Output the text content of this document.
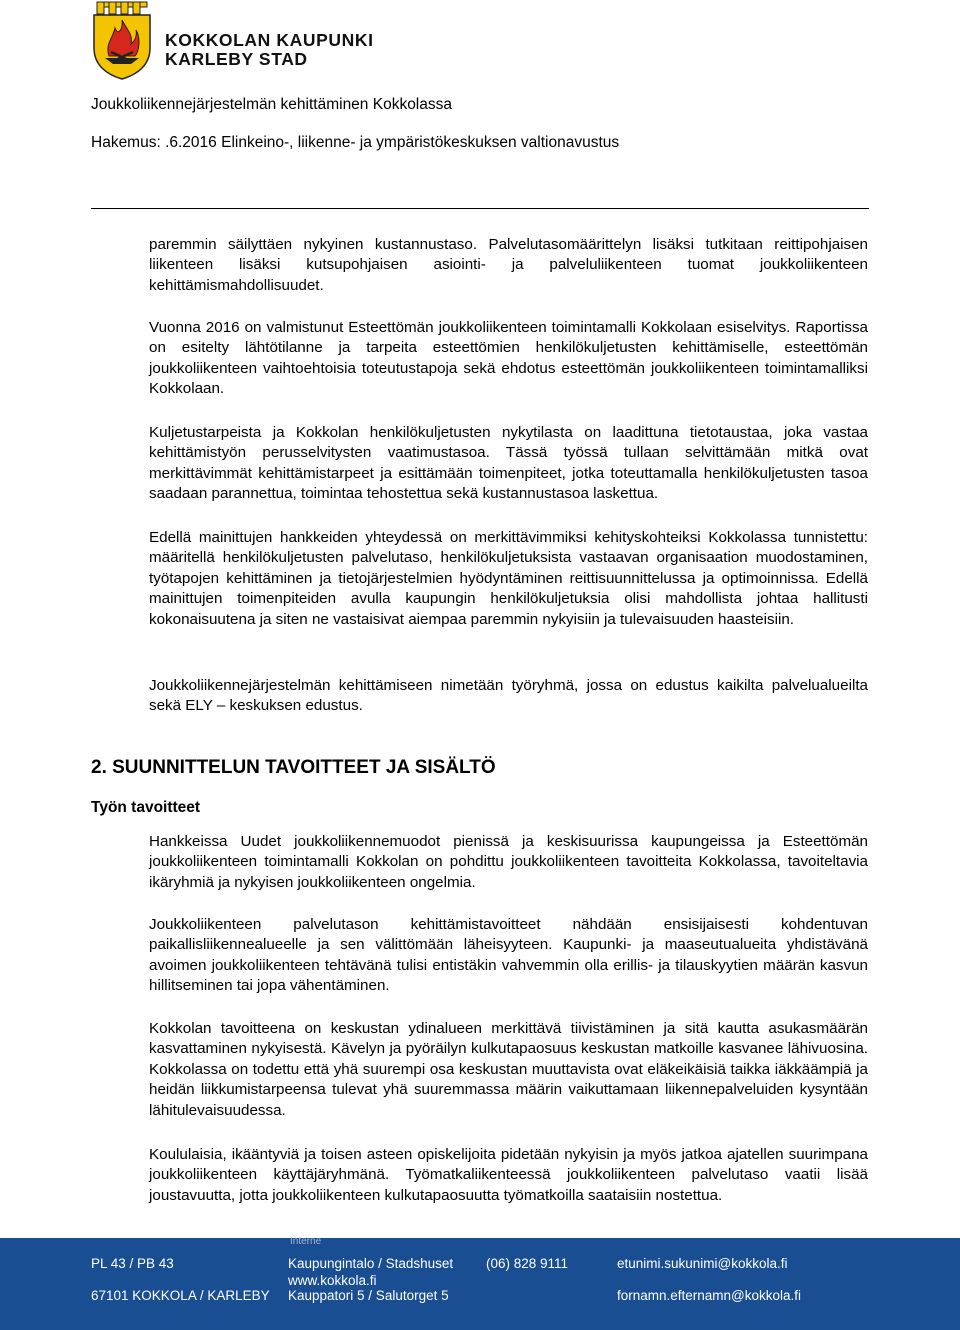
KOKKOLAN KAUPUNKI
KARLEBY STAD
Joukkoliikennejärjestelmän kehittäminen Kokkolassa
Hakemus: .6.2016 Elinkeino-, liikenne- ja ympäristökeskuksen valtionavustus

paremmin säilyttäen nykyinen kustannustaso. Palvelutasomäärittelyn lisäksi tutkitaan reittipohjaisen liikenteen lisäksi kutsupohjaisen asiointi- ja palveluliikenteen tuomat joukkoliikenteen kehittämismahdollisuudet.

Vuonna 2016 on valmistunut Esteettömän joukkoliikenteen toimintamalli Kokkolaan esiselvitys. Raportissa on esitelty lähtötilanne ja tarpeita esteettömien henkilökuljetusten kehittämiselle, esteettömän joukkoliikenteen vaihtoehtoisia toteutustapoja sekä ehdotus esteettömän joukkoliikenteen toimintamalliksi Kokkolaan.

Kuljetustarpeista ja Kokkolan henkilökuljetusten nykytilasta on laadittuna tietotaustaa, joka vastaa kehittämistyön perusselvitysten vaatimustasoa. Tässä työssä tullaan selvittämään mitkä ovat merkittävimmät kehittämistarpeet ja esittämään toimenpiteet, jotka toteuttamalla henkilökuljetusten tasoa saadaan parannettua, toimintaa tehostettua sekä kustannustasoa laskettua.

Edellä mainittujen hankkeiden yhteydessä on merkittävimmiksi kehityskohteiksi Kokkolassa tunnistettu: määritellä henkilökuljetusten palvelutaso, henkilökuljetuksista vastaavan organisaation muodostaminen, työtapojen kehittäminen ja tietojärjestelmien hyödyntäminen reittisuunnittelussa ja optimoinnissa. Edellä mainittujen toimenpiteiden avulla kaupungin henkilökuljetuksia olisi mahdollista johtaa hallitusti kokonaisuutena ja siten ne vastaisivat aiempaa paremmin nykyisiin ja tulevaisuuden haasteisiin.

Joukkoliikennejärjestelmän kehittämiseen nimetään työryhmä, jossa on edustus kaikilta palvelualueilta sekä ELY – keskuksen edustus.

2. SUUNNITTELUN TAVOITTEET JA SISÄLTÖ
Työn tavoitteet

Hankkeissa Uudet joukkoliikennemuodot pienissä ja keskisuurissa kaupungeissa ja Esteettömän joukkoliikenteen toimintamalli Kokkolan on pohdittu joukkoliikenteen tavoitteita Kokkolassa, tavoiteltavia ikäryhmiä ja nykyisen joukkoliikenteen ongelmia.

Joukkoliikenteen palvelutason kehittämistavoitteet nähdään ensisijaisesti kohdentuvan paikallisliikennealueelle ja sen välittömään läheisyyteen. Kaupunki- ja maaseutualueita yhdistävänä avoimen joukkoliikenteen tehtävänä tulisi entistäkin vahvemmin olla erillis- ja tilauskyytien määrän kasvun hillitseminen tai jopa vähentäminen.

Kokkolan tavoitteena on keskustan ydinalueen merkittävä tiivistäminen ja sitä kautta asukasmäärän kasvattaminen nykyisestä. Kävelyn ja pyöräilyn kulkutapaosuus keskustan matkoille kasvanee lähivuosina. Kokkolassa on todettu että yhä suurempi osa keskustan muuttavista ovat eläkeikäisiä taikka iäkkäämpiä ja heidän liikkumistarpeensa tulevat yhä suuremmassa määrin vaikuttamaan liikennepalveluiden kysyntään lähitulevaisuudessa.

Koululaisia, ikääntyviä ja toisen asteen opiskelijoita pidetään nykyisin ja myös jatkoa ajatellen suurimpana joukkoliikenteen käyttäjäryhmänä. Työmatkaliikenteessä joukkoliikenteen palvelutaso vaatii lisää joustavuutta, jotta joukkoliikenteen kulkutapaosuutta työmatkoilla saataisiin nostettua.

Interne
PL 43 / PB 43	Kaupungintalo / Stadshuset (06) 828 9111	etunimi.sukunimi@kokkola.fi
www.kokkola.fi
67101 KOKKOLA / KARLEBY Kauppatori 5 / Salutorget 5	fornamn.efternamn@kokkola.fi
